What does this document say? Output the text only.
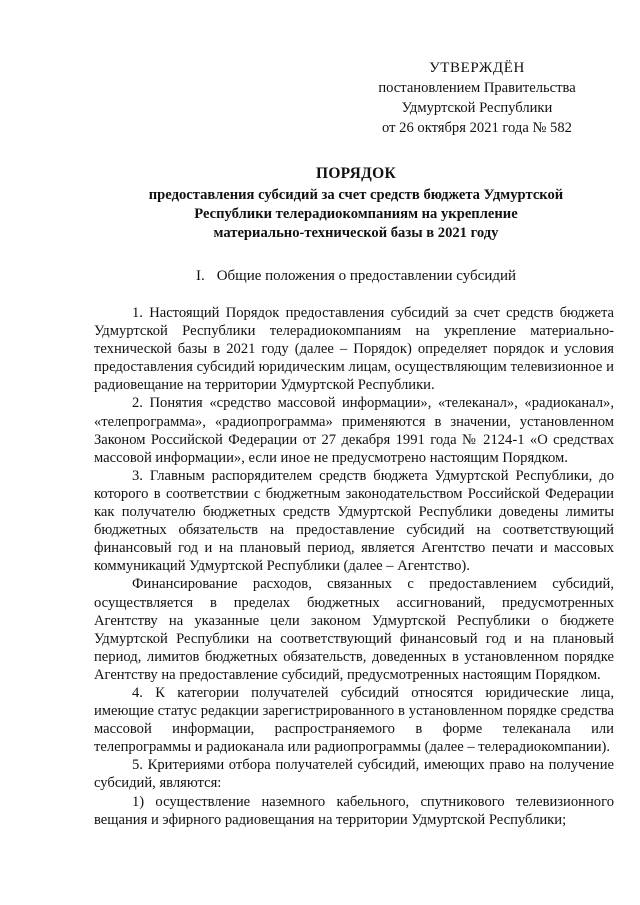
УТВЕРЖДЁН
постановлением Правительства
Удмуртской Республики
от 26 октября 2021 года № 582
ПОРЯДОК
предоставления субсидий за счет средств бюджета Удмуртской
Республики телерадиокомпаниям на укрепление
материально-технической базы в 2021 году
I. Общие положения о предоставлении субсидий

1. Настоящий Порядок предоставления субсидий за счет средств бюджета Удмуртской Республики телерадиокомпаниям на укрепление материально-технической базы в 2021 году (далее – Порядок) определяет порядок и условия предоставления субсидий юридическим лицам, осуществляющим телевизионное и радиовещание на территории Удмуртской Республики.

2. Понятия «средство массовой информации», «телеканал», «радиоканал», «телепрограмма», «радиопрограмма» применяются в значении, установленном Законом Российской Федерации от 27 декабря 1991 года № 2124-1 «О средствах массовой информации», если иное не предусмотрено настоящим Порядком.

3. Главным распорядителем средств бюджета Удмуртской Республики, до которого в соответствии с бюджетным законодательством Российской Федерации как получателю бюджетных средств Удмуртской Республики доведены лимиты бюджетных обязательств на предоставление субсидий на соответствующий финансовый год и на плановый период, является Агентство печати и массовых коммуникаций Удмуртской Республики (далее – Агентство).

Финансирование расходов, связанных с предоставлением субсидий, осуществляется в пределах бюджетных ассигнований, предусмотренных Агентству на указанные цели законом Удмуртской Республики о бюджете Удмуртской Республики на соответствующий финансовый год и на плановый период, лимитов бюджетных обязательств, доведенных в установленном порядке Агентству на предоставление субсидий, предусмотренных настоящим Порядком.

4. К категории получателей субсидий относятся юридические лица, имеющие статус редакции зарегистрированного в установленном порядке средства массовой информации, распространяемого в форме телеканала или телепрограммы и радиоканала или радиопрограммы (далее – телерадиокомпании).

5. Критериями отбора получателей субсидий, имеющих право на получение субсидий, являются:

1) осуществление наземного кабельного, спутникового телевизионного вещания и эфирного радиовещания на территории Удмуртской Республики;
